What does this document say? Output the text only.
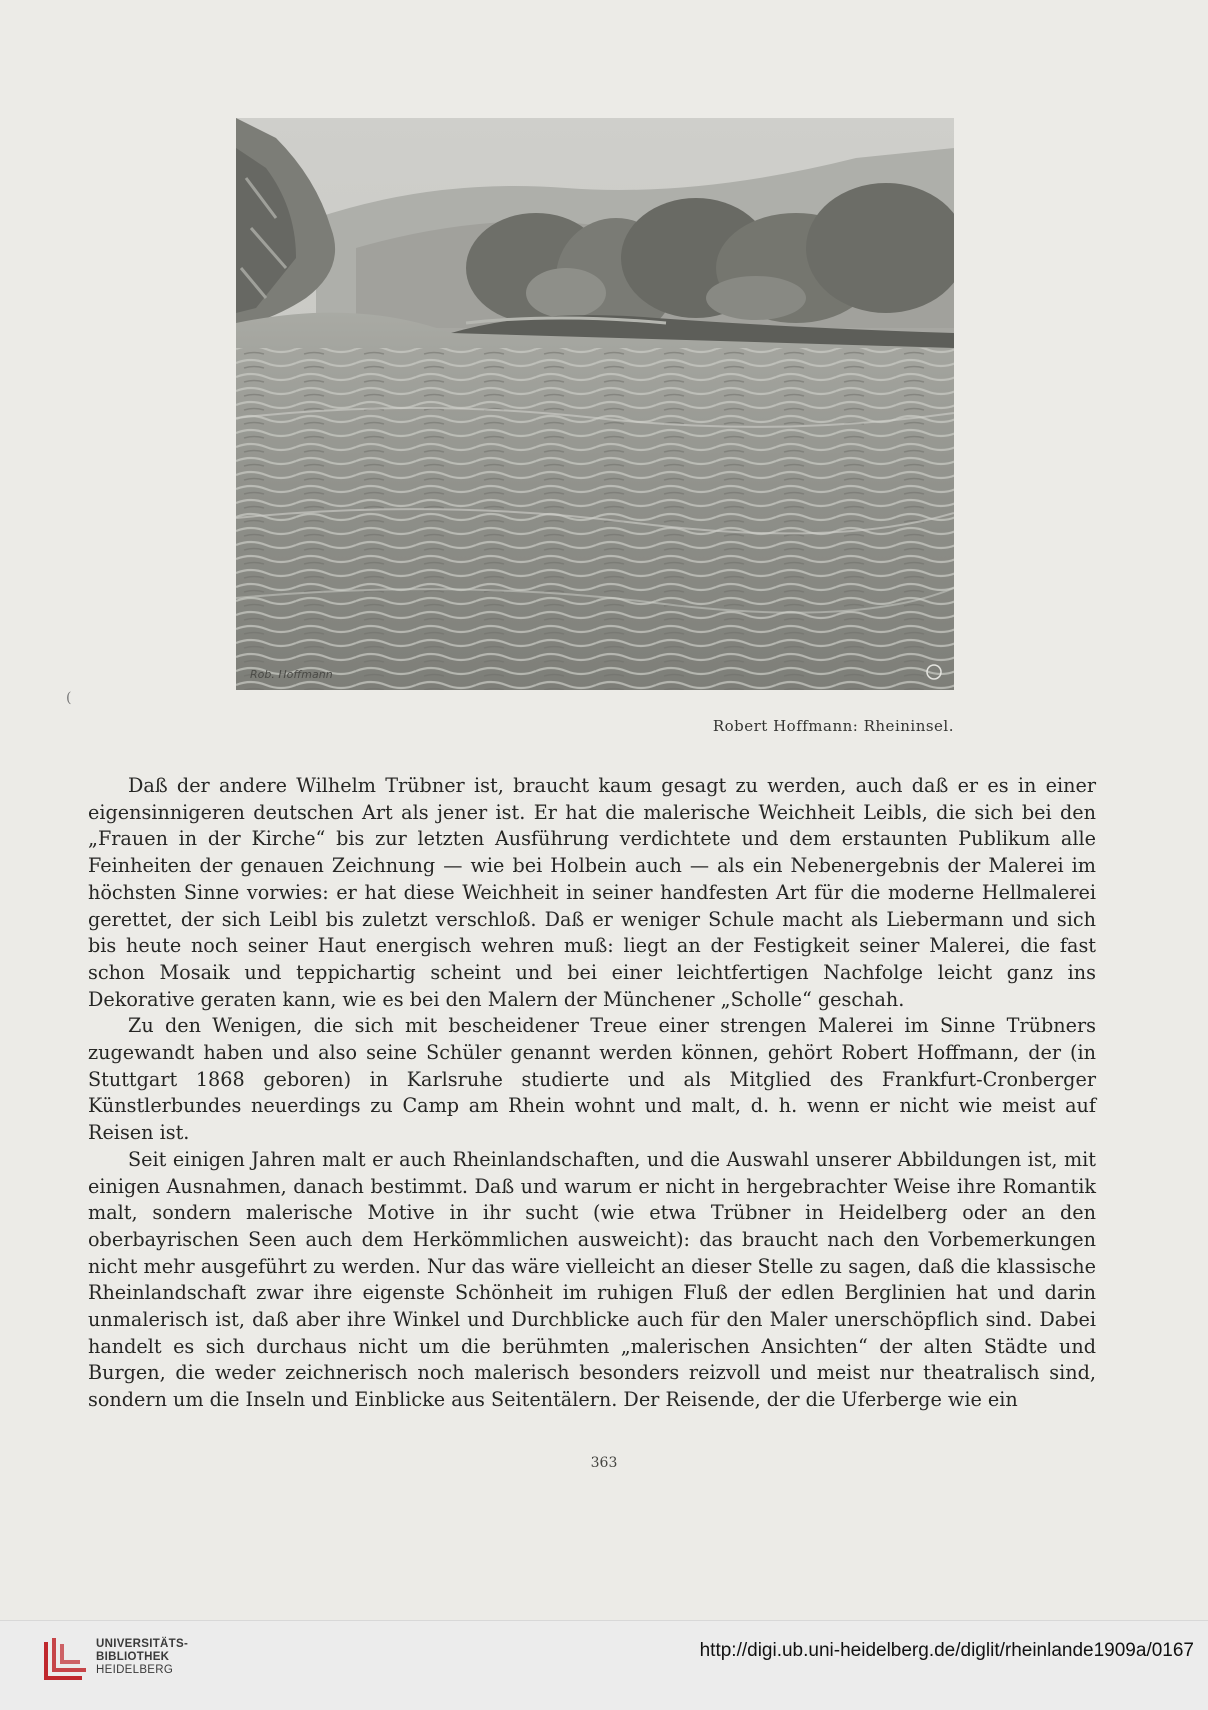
Rob. Hoffmann
(
Robert Hoffmann: Rheininsel.

Daß der andere Wilhelm Trübner ist, braucht kaum gesagt zu werden, auch daß er es in einer eigensinnigeren deutschen Art als jener ist. Er hat die malerische Weichheit Leibls, die sich bei den „Frauen in der Kirche“ bis zur letzten Ausführung verdichtete und dem erstaunten Publikum alle Feinheiten der genauen Zeichnung — wie bei Holbein auch — als ein Nebenergebnis der Malerei im höchsten Sinne vorwies: er hat diese Weichheit in seiner handfesten Art für die moderne Hellmalerei gerettet, der sich Leibl bis zuletzt verschloß. Daß er weniger Schule macht als Liebermann und sich bis heute noch seiner Haut energisch wehren muß: liegt an der Festigkeit seiner Malerei, die fast schon Mosaik und teppichartig scheint und bei einer leichtfertigen Nachfolge leicht ganz ins Dekorative geraten kann, wie es bei den Malern der Münchener „Scholle“ geschah.

Zu den Wenigen, die sich mit bescheidener Treue einer strengen Malerei im Sinne Trübners zugewandt haben und also seine Schüler genannt werden können, gehört Robert Hoffmann, der (in Stuttgart 1868 geboren) in Karlsruhe studierte und als Mitglied des Frankfurt-Cronberger Künstlerbundes neuerdings zu Camp am Rhein wohnt und malt, d. h. wenn er nicht wie meist auf Reisen ist.

Seit einigen Jahren malt er auch Rheinlandschaften, und die Auswahl unserer Abbildungen ist, mit einigen Ausnahmen, danach bestimmt. Daß und warum er nicht in hergebrachter Weise ihre Romantik malt, sondern malerische Motive in ihr sucht (wie etwa Trübner in Heidelberg oder an den oberbayrischen Seen auch dem Herkömmlichen ausweicht): das braucht nach den Vorbemerkungen nicht mehr ausgeführt zu werden. Nur das wäre vielleicht an dieser Stelle zu sagen, daß die klassische Rheinlandschaft zwar ihre eigenste Schönheit im ruhigen Fluß der edlen Berglinien hat und darin unmalerisch ist, daß aber ihre Winkel und Durchblicke auch für den Maler unerschöpflich sind. Dabei handelt es sich durchaus nicht um die berühmten „malerischen Ansichten“ der alten Städte und Burgen, die weder zeichnerisch noch malerisch besonders reizvoll und meist nur theatralisch sind, sondern um die Inseln und Einblicke aus Seitentälern. Der Reisende, der die Uferberge wie ein

363
UNIVERSITÄTS-
BIBLIOTHEK
HEIDELBERG
http://digi.ub.uni-heidelberg.de/diglit/rheinlande1909a/0167
